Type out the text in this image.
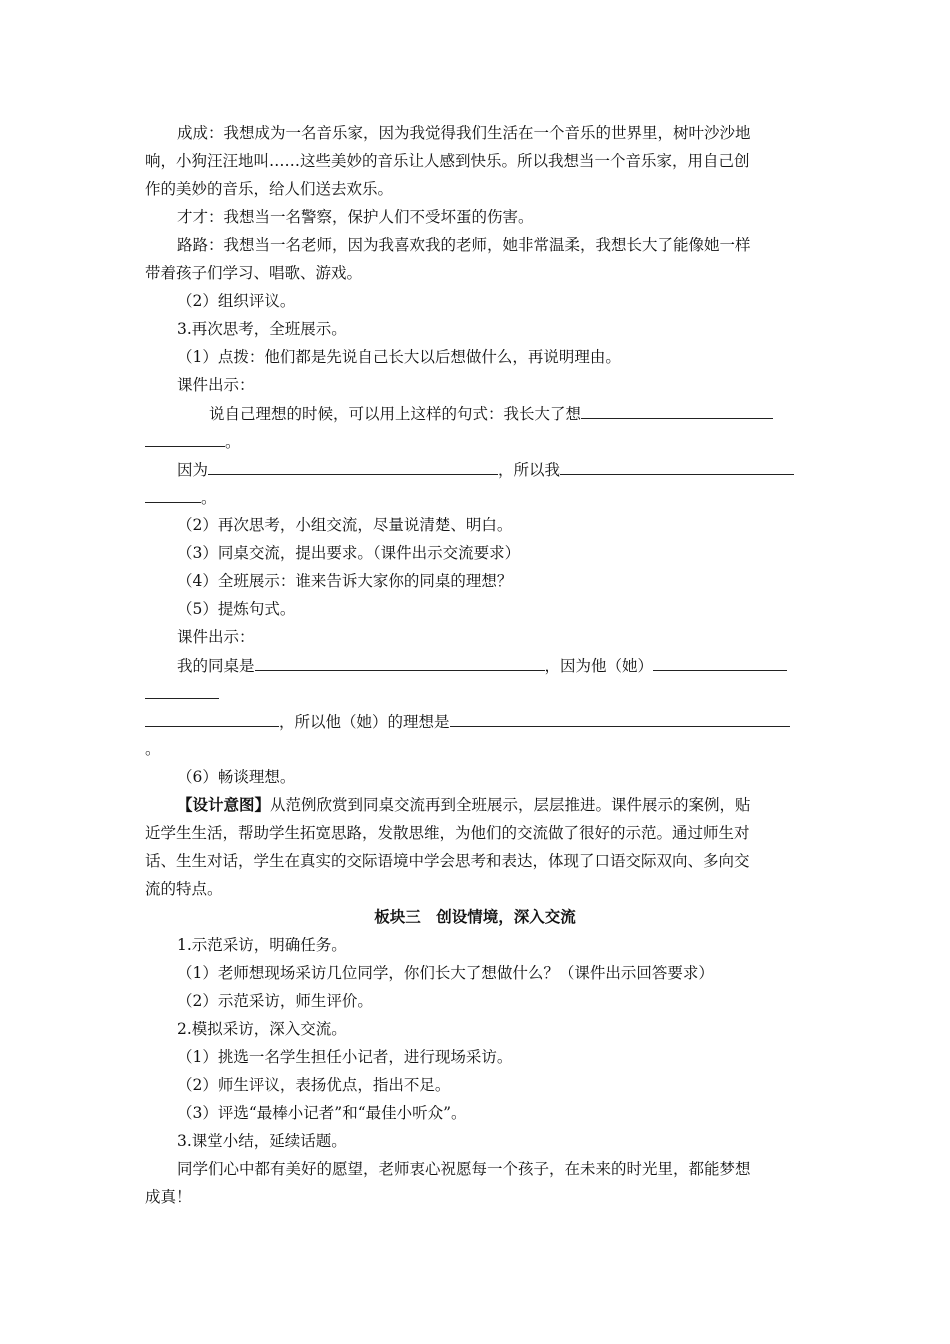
成成：我想成为一名音乐家，因为我觉得我们生活在一个音乐的世界里，树叶沙沙地
响，小狗汪汪地叫……这些美妙的音乐让人感到快乐。所以我想当一个音乐家，用自己创
作的美妙的音乐，给人们送去欢乐。
才才：我想当一名警察，保护人们不受坏蛋的伤害。
路路：我想当一名老师，因为我喜欢我的老师，她非常温柔，我想长大了能像她一样
带着孩子们学习、唱歌、游戏。
（2）组织评议。
3.再次思考，全班展示。
（1）点拨：他们都是先说自己长大以后想做什么，再说明理由。
课件出示：
说自己理想的时候，可以用上这样的句式：我长大了想
。
因为	，所以我
。
（2）再次思考，小组交流，尽量说清楚、明白。
（3）同桌交流，提出要求。（课件出示交流要求）
（4）全班展示：谁来告诉大家你的同桌的理想？
（5）提炼句式。
课件出示：
我的同桌是	，因为他（她）
，所以他（她）的理想是
。
（6）畅谈理想。
【设计意图】从范例欣赏到同桌交流再到全班展示，层层推进。课件展示的案例，贴
近学生生活，帮助学生拓宽思路，发散思维，为他们的交流做了很好的示范。通过师生对
话、生生对话，学生在真实的交际语境中学会思考和表达，体现了口语交际双向、多向交
流的特点。
板块三　创设情境，深入交流
1.示范采访，明确任务。
（1）老师想现场采访几位同学，你们长大了想做什么？（课件出示回答要求）
（2）示范采访，师生评价。
2.模拟采访，深入交流。
（1）挑选一名学生担任小记者，进行现场采访。
（2）师生评议，表扬优点，指出不足。
（3）评选“最棒小记者”和“最佳小听众”。
3.课堂小结，延续话题。
同学们心中都有美好的愿望，老师衷心祝愿每一个孩子，在未来的时光里，都能梦想
成真！
